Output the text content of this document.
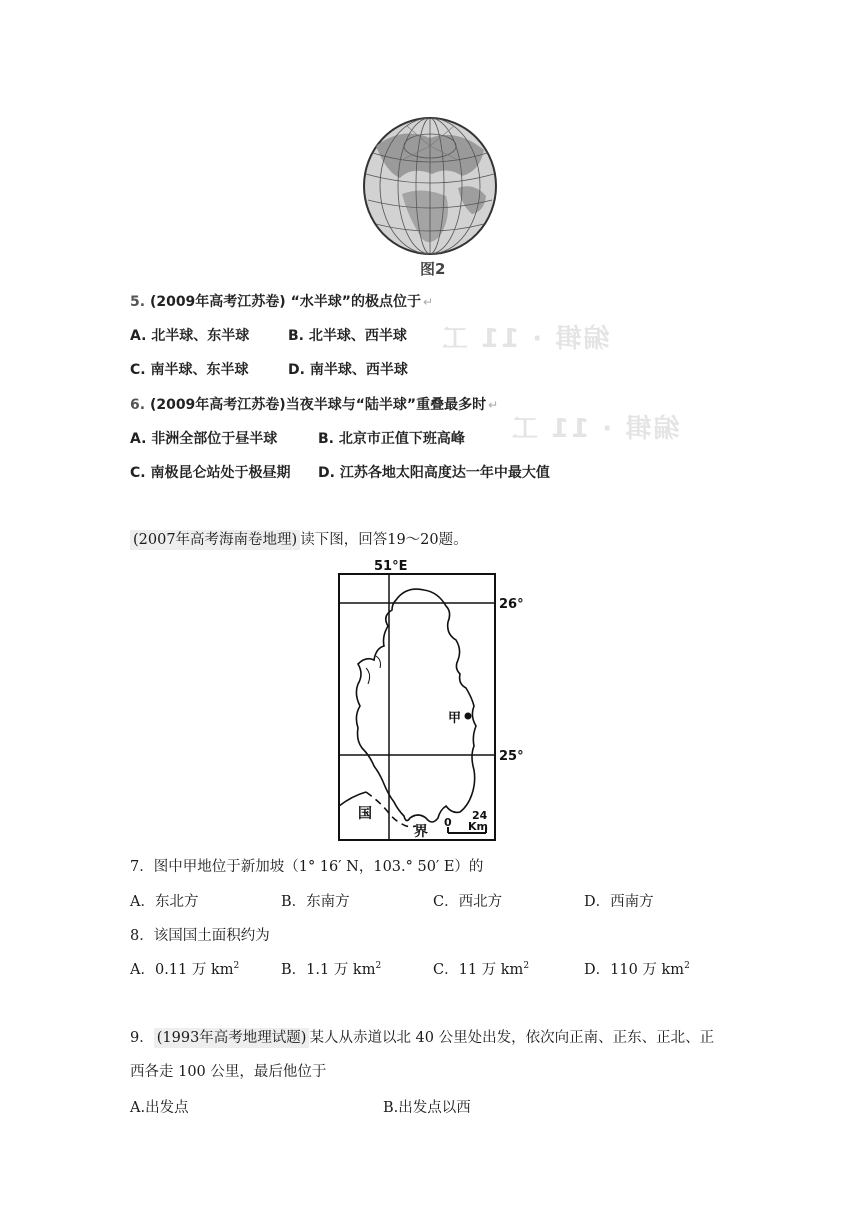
图2
编辑 · 11 工
编辑 · 11 工
5. (2009年高考江苏卷) “水半球”的极点位于 ↵
A. 北半球、东半球	B. 北半球、西半球
C. 南半球、东半球	D. 南半球、西半球
6. (2009年高考江苏卷)当夜半球与“陆半球”重叠最多时 ↵
A. 非洲全部位于昼半球	B. 北京市正值下班高峰
C. 南极昆仑站处于极昼期 D. 江苏各地太阳高度达一年中最大值
(2007年高考海南卷地理) 读下图，回答19～20题。
甲
51°E
26°
25°
国
界
0
24
Km
7．图中甲地位于新加坡（1° 16′ N，103.° 50′ E）的
A．东北方	B．东南方	C．西北方	D．西南方
8．该国国土面积约为
A．0.11 万 $km^2$	B．1.1 万 $km^2$	C．11 万 $km^2$	D．110 万 $km^2$
9． (1993年高考地理试题) 某人从赤道以北 40 公里处出发，依次向正南、正东、正北、正
西各走 100 公里，最后他位于
A.出发点	B.出发点以西
